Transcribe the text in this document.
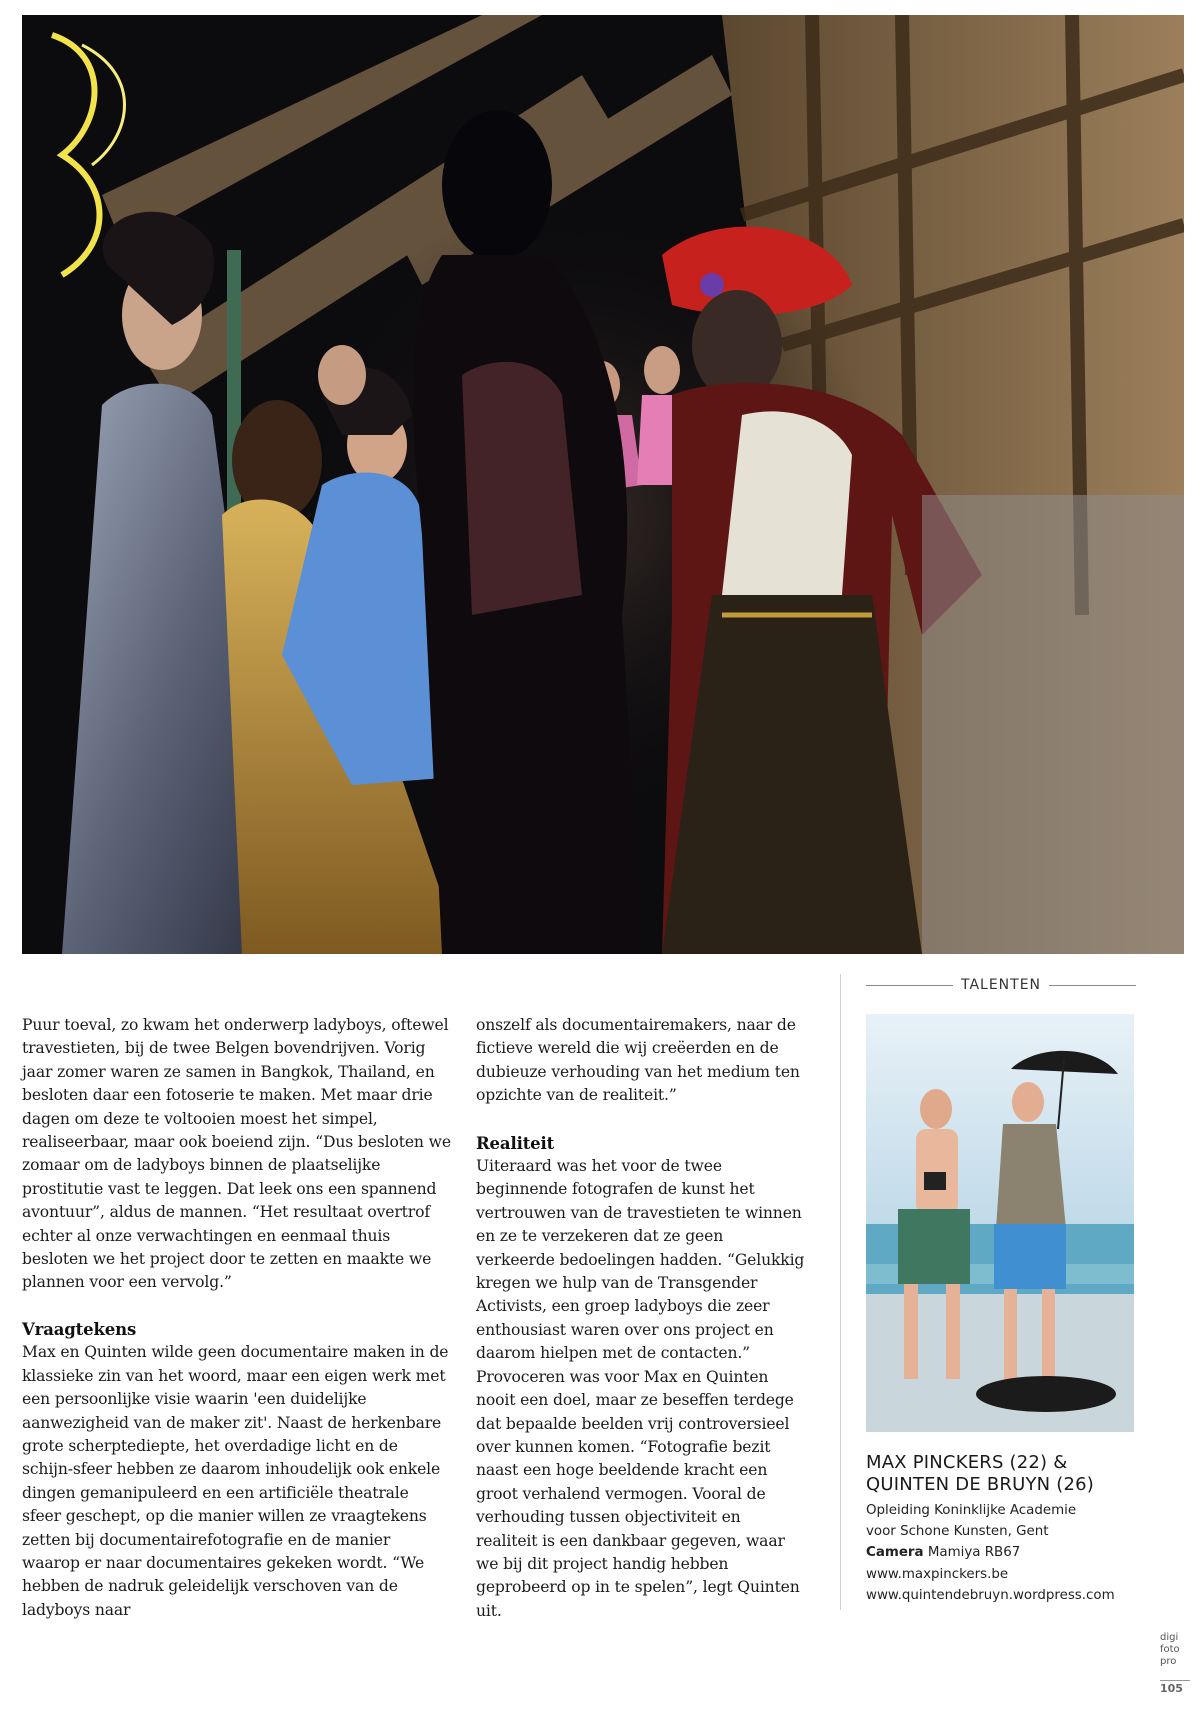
Puur toeval, zo kwam het onderwerp ladyboys, oftewel travestieten, bij de twee Belgen bovendrijven. Vorig jaar zomer waren ze samen in Bangkok, Thailand, en besloten daar een fotoserie te maken. Met maar drie dagen om deze te voltooien moest het simpel, realiseerbaar, maar ook boeiend zijn. “Dus besloten we zomaar om de ladyboys binnen de plaatselijke prostitutie vast te leggen. Dat leek ons een spannend avontuur”, aldus de mannen. “Het resultaat overtrof echter al onze verwachtingen en eenmaal thuis besloten we het project door te zetten en maakte we plannen voor een vervolg.”

Vraagtekens

Max en Quinten wilde geen documentaire maken in de klassieke zin van het woord, maar een eigen werk met een persoonlijke visie waarin 'een duidelijke aanwezigheid van de maker zit'. Naast de herkenbare grote scherptediepte, het overdadige licht en de schijn-sfeer hebben ze daarom inhoudelijk ook enkele dingen gemanipuleerd en een artificiële theatrale sfeer geschept, op die manier willen ze vraagtekens zetten bij documentairefotografie en de manier waarop er naar documentaires gekeken wordt. “We hebben de nadruk geleidelijk verschoven van de ladyboys naar

onszelf als documentairemakers, naar de fictieve wereld die wij creëerden en de dubieuze verhouding van het medium ten opzichte van de realiteit.”

Realiteit

Uiteraard was het voor de twee beginnende fotografen de kunst het vertrouwen van de travestieten te winnen en ze te verzekeren dat ze geen verkeerde bedoelingen hadden. “Gelukkig kregen we hulp van de Transgender Activists, een groep ladyboys die zeer enthousiast waren over ons project en daarom hielpen met de contacten.” Provoceren was voor Max en Quinten nooit een doel, maar ze beseffen terdege dat bepaalde beelden vrij controversieel over kunnen komen. “Fotografie bezit naast een hoge beeldende kracht een groot verhalend vermogen. Vooral de verhouding tussen objectiviteit en realiteit is een dankbaar gegeven, waar we bij dit project handig hebben geprobeerd op in te spelen”, legt Quinten uit.

TALENTEN
MAX PINCKERS (22) &
QUINTEN DE BRUYN (26)
Opleiding Koninklijke Academie
voor Schone Kunsten, Gent
Camera Mamiya RB67
www.maxpinckers.be
www.quintendebruyn.wordpress.com
digi
foto
pro
105
